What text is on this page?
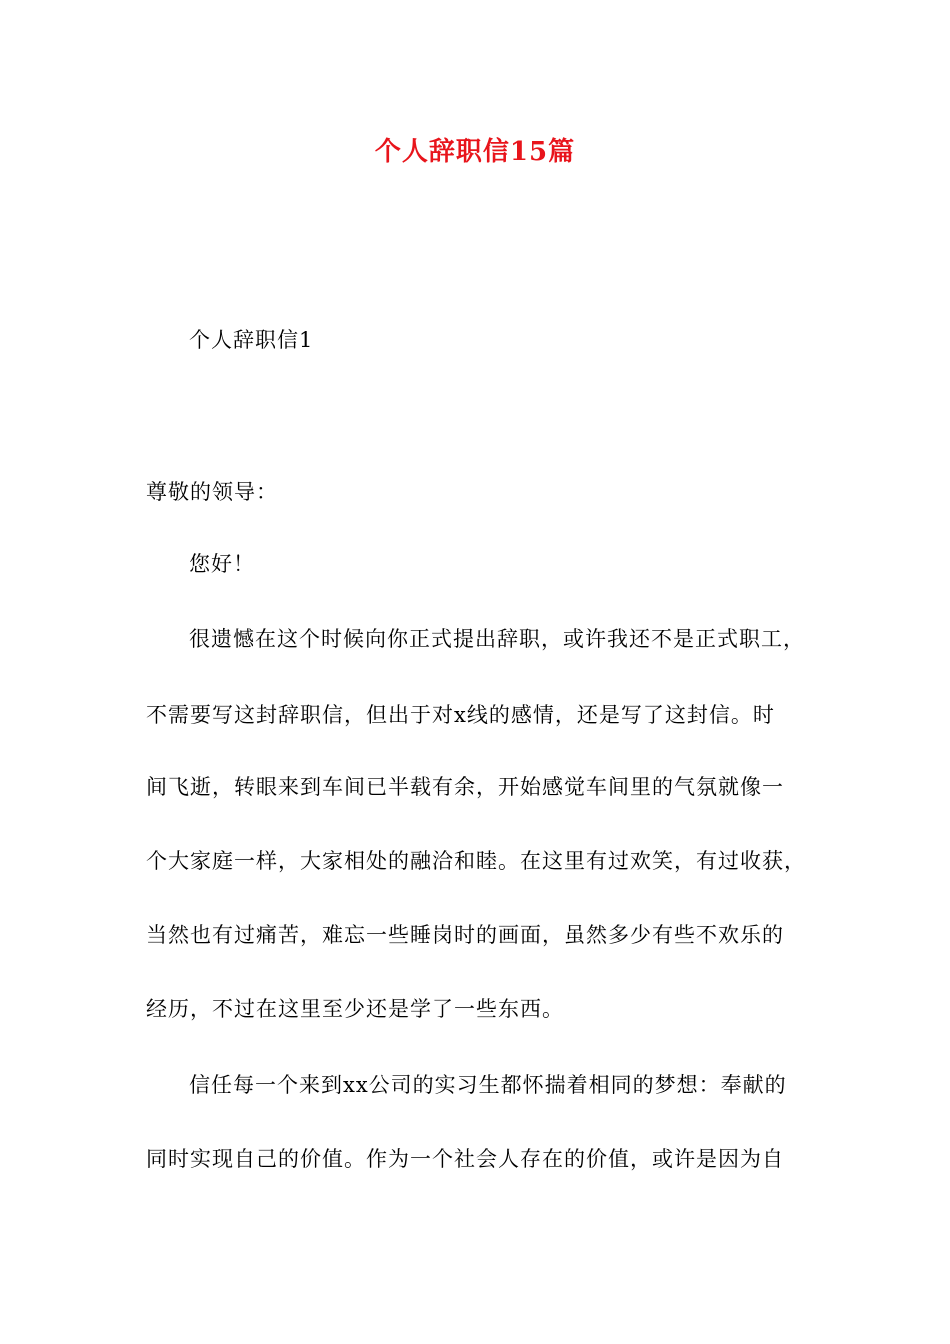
个人辞职信15篇
个人辞职信1
尊敬的领导：
您好！
很遗憾在这个时候向你正式提出辞职，或许我还不是正式职工，
不需要写这封辞职信，但出于对x线的感情，还是写了这封信。时
间飞逝，转眼来到车间已半载有余，开始感觉车间里的气氛就像一
个大家庭一样，大家相处的融洽和睦。在这里有过欢笑，有过收获，
当然也有过痛苦，难忘一些睡岗时的画面，虽然多少有些不欢乐的
经历，不过在这里至少还是学了一些东西。
信任每一个来到xx公司的实习生都怀揣着相同的梦想：奉献的
同时实现自己的价值。作为一个社会人存在的价值，或许是因为自
